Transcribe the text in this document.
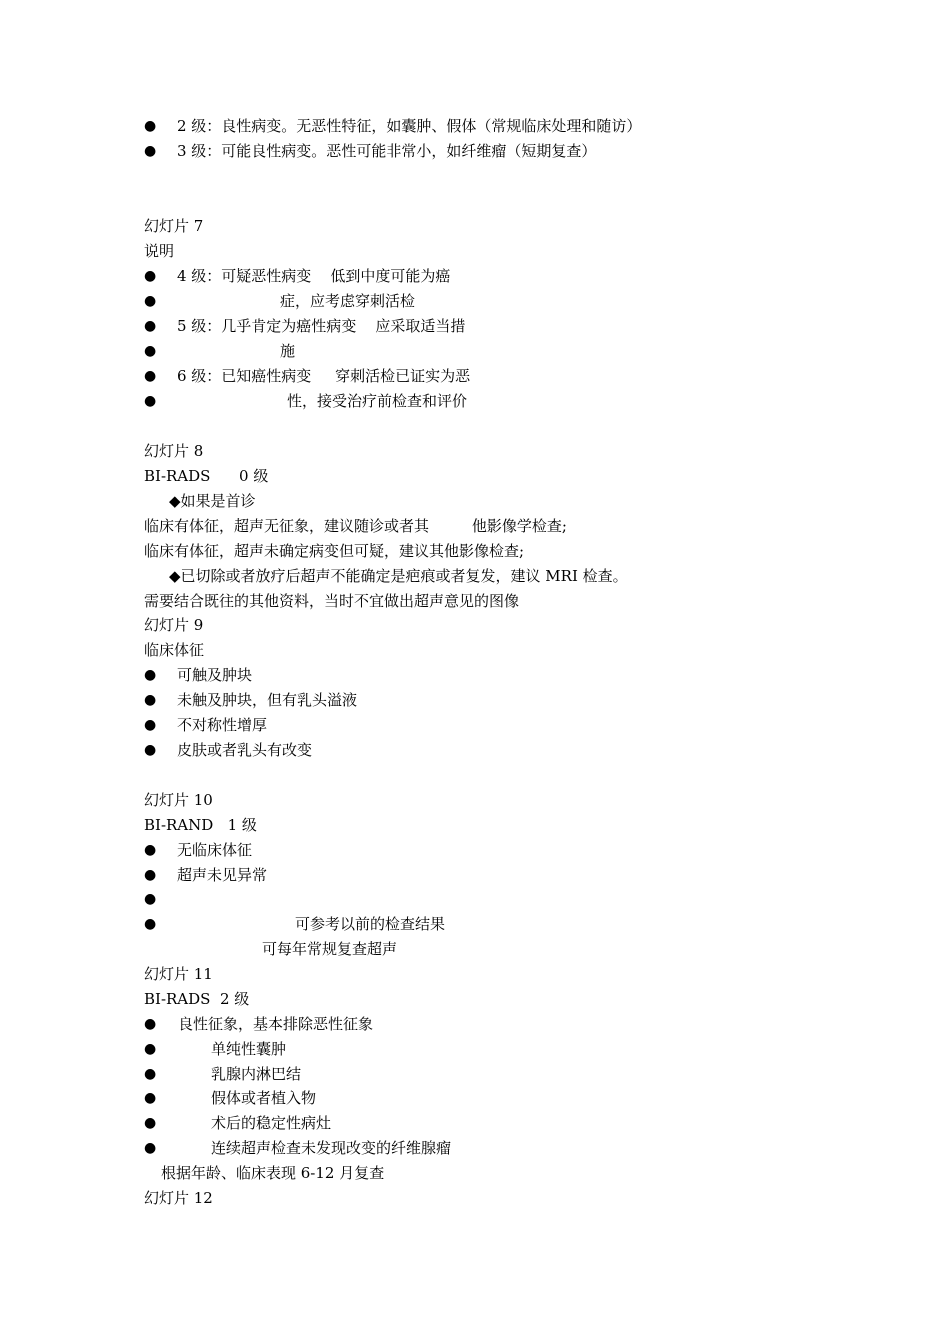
● 2 级：良性病变。无恶性特征，如囊肿、假体（常规临床处理和随访）
● 3 级：可能良性病变。恶性可能非常小，如纤维瘤（短期复查）
幻灯片 7
说明
● 4 级：可疑恶性病变    低到中度可能为癌
●	症，应考虑穿刺活检
● 5 级：几乎肯定为癌性病变    应采取适当措
●	施
● 6 级：已知癌性病变     穿刺活检已证实为恶
●	性，接受治疗前检查和评价
幻灯片 8
BI-RADS      0 级
◆如果是首诊
临床有体征，超声无征象，建议随诊或者其         他影像学检查;
临床有体征，超声未确定病变但可疑，建议其他影像检查;
◆已切除或者放疗后超声不能确定是疤痕或者复发，建议 MRI 检查。
需要结合既往的其他资料，当时不宜做出超声意见的图像
幻灯片 9
临床体征
● 可触及肿块
● 未触及肿块，但有乳头溢液
● 不对称性增厚
● 皮肤或者乳头有改变
幻灯片 10
BI-RAND   1 级
● 无临床体征
● 超声未见异常
●
●	可参考以前的检查结果
可每年常规复查超声
幻灯片 11
BI-RADS  2 级
● 良性征象，基本排除恶性征象
●	单纯性囊肿
●	乳腺内淋巴结
●	假体或者植入物
●	术后的稳定性病灶
●	连续超声检查未发现改变的纤维腺瘤
根据年龄、临床表现 6-12 月复查
幻灯片 12
